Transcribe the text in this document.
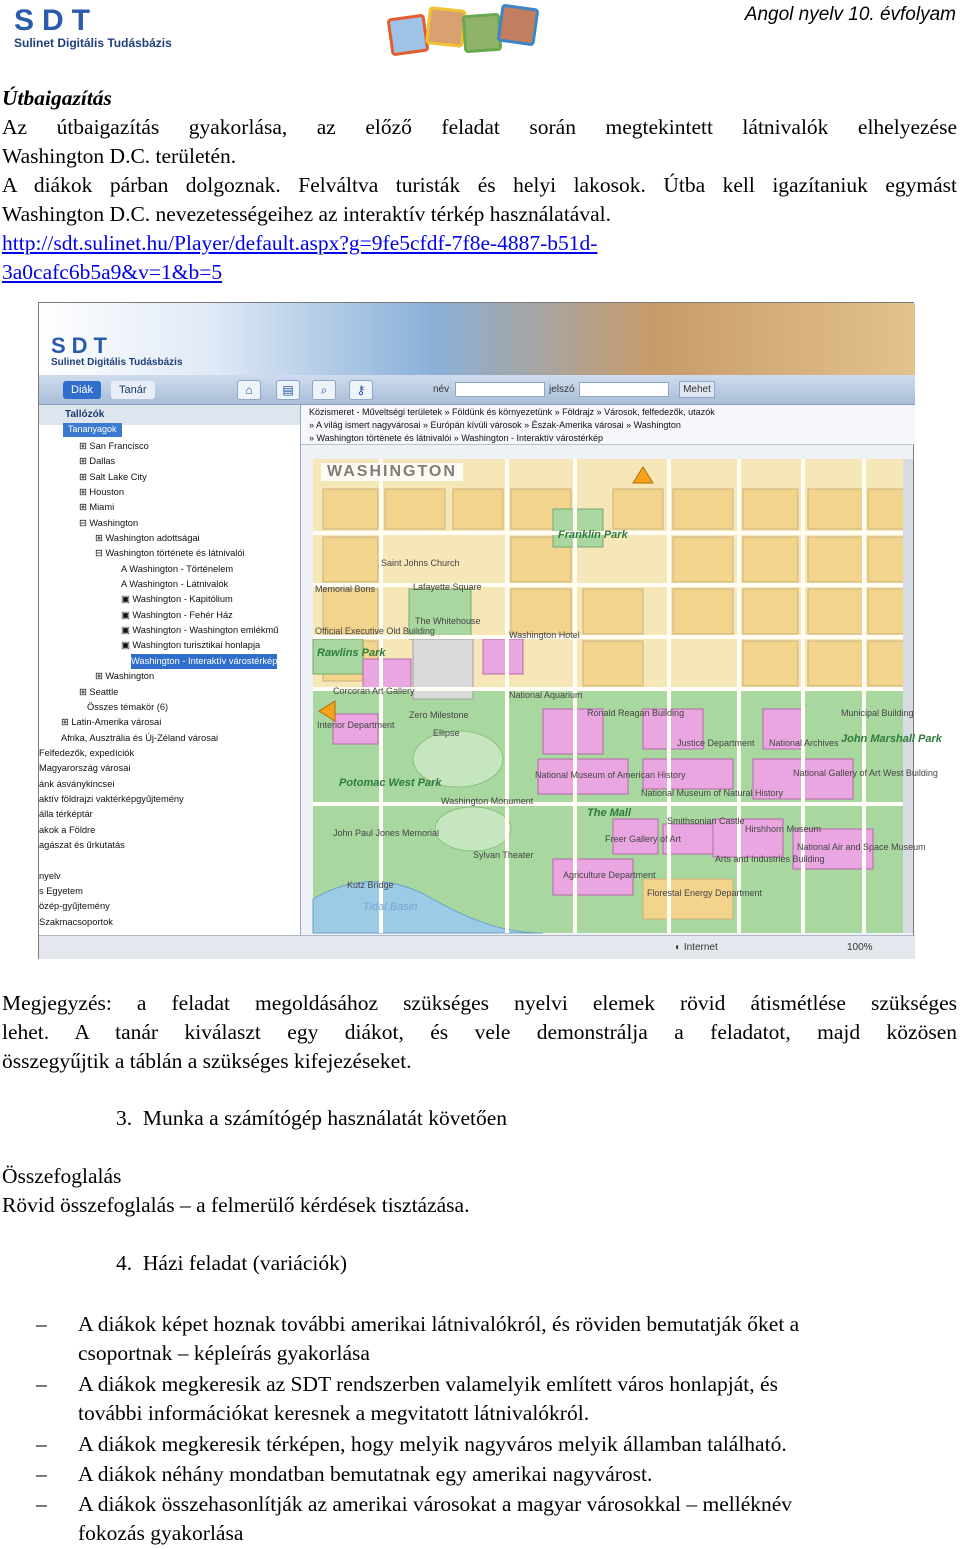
SDT
Sulinet Digitális Tudásbázis
Angol nyelv 10. évfolyam
Útbaigazítás
Az útbaigazítás gyakorlása, az előző feladat során megtekintett látnivalók elhelyezése
Washington D.C. területén.
A diákok párban dolgoznak. Felváltva turisták és helyi lakosok. Útba kell igazítaniuk egymást
Washington D.C. nevezetességeihez az interaktív térkép használatával.
http://sdt.sulinet.hu/Player/default.aspx?g=9fe5cfdf-7f8e-4887-b51d-
3a0cafc6b5a9&v=1&b=5
SDT
Sulinet Digitális Tudásbázis
Diák	Tanár	⌂	▤	⌕	⚷	név	jelszó	Mehet
Tallózók
Tananyagok
⊞ San Francisco
⊞ Dallas
⊞ Salt Lake City
⊞ Houston
⊞ Miami
⊟ Washington
⊞ Washington adottságai
⊟ Washington története és látnivalói
A Washington - Történelem
A Washington - Látnivalók
▣ Washington - Kapitólium
▣ Washington - Fehér Ház
▣ Washington - Washington emlékmű
▣ Washington turisztikai honlapja
Washington - Interaktív várostérkép
⊞ Washington
⊞ Seattle
Összes témakör (6)
⊞ Latin-Amerika városai
Afrika, Ausztrália és Új-Zéland városai
Felfedezők, expedíciók
Magyarország városai
ánk ásványkincsei
aktív földrajzi vaktérképgyűjtemény
álla térképtár
akok a Földre
agászat és űrkutatás
nyelv
s Egyetem
özép-gyűjtemény
Szakmacsoportok
Közismeret - Műveltségi területek » Földünk és környezetünk » Földrajz » Városok, felfedezők, utazók
» A világ ismert nagyvárosai » Európán kívüli városok » Észak-Amerika városai » Washington
» Washington története és látnivalói » Washington - Interaktív várostérkép
WASHINGTON
Franklin Park
Saint Johns Church
Lafayette Square
The Whitehouse
Washington Hotel
Official Executive Old Building
Rawlins Park
Memorial Bons
Corcoran Art Gallery	National Aquarium
Ronald Reagan Building
Zero Milestone
Ellipse
Interior Department
Justice Department National Archives
Municipal Building
John Marshall Park
Potomac West Park
National Museum of American History
National Museum of Natural History
National Gallery of Art West Building
Washington Monument
The Mall
Smithsonian Castle
Hirshhorn Museum
John Paul Jones Memorial
Freer Gallery of Art
National Air and Space Museum
Sylvan Theater	Arts and Industries Building
Agriculture Department
Kutz Bridge
Florestal Energy Department
Tidal Basin
◐ Internet	100%
Megjegyzés: a feladat megoldásához szükséges nyelvi elemek rövid átismétlése szükséges
lehet. A tanár kiválaszt egy diákot, és vele demonstrálja a feladatot, majd közösen
összegyűjtik a táblán a szükséges kifejezéseket.
3.  Munka a számítógép használatát követően
Összefoglalás
Rövid összefoglalás – a felmerülő kérdések tisztázása.
4.  Házi feladat (variációk)
– A diákok képet hoznak további amerikai látnivalókról, és röviden bemutatják őket a
csoportnak – képleírás gyakorlása
– A diákok megkeresik az SDT rendszerben valamelyik említett város honlapját, és
további információkat keresnek a megvitatott látnivalókról.
– A diákok megkeresik térképen, hogy melyik nagyváros melyik államban található.
– A diákok néhány mondatban bemutatnak egy amerikai nagyvárost.
– A diákok összehasonlítják az amerikai városokat a magyar városokkal – melléknév
fokozás gyakorlása
